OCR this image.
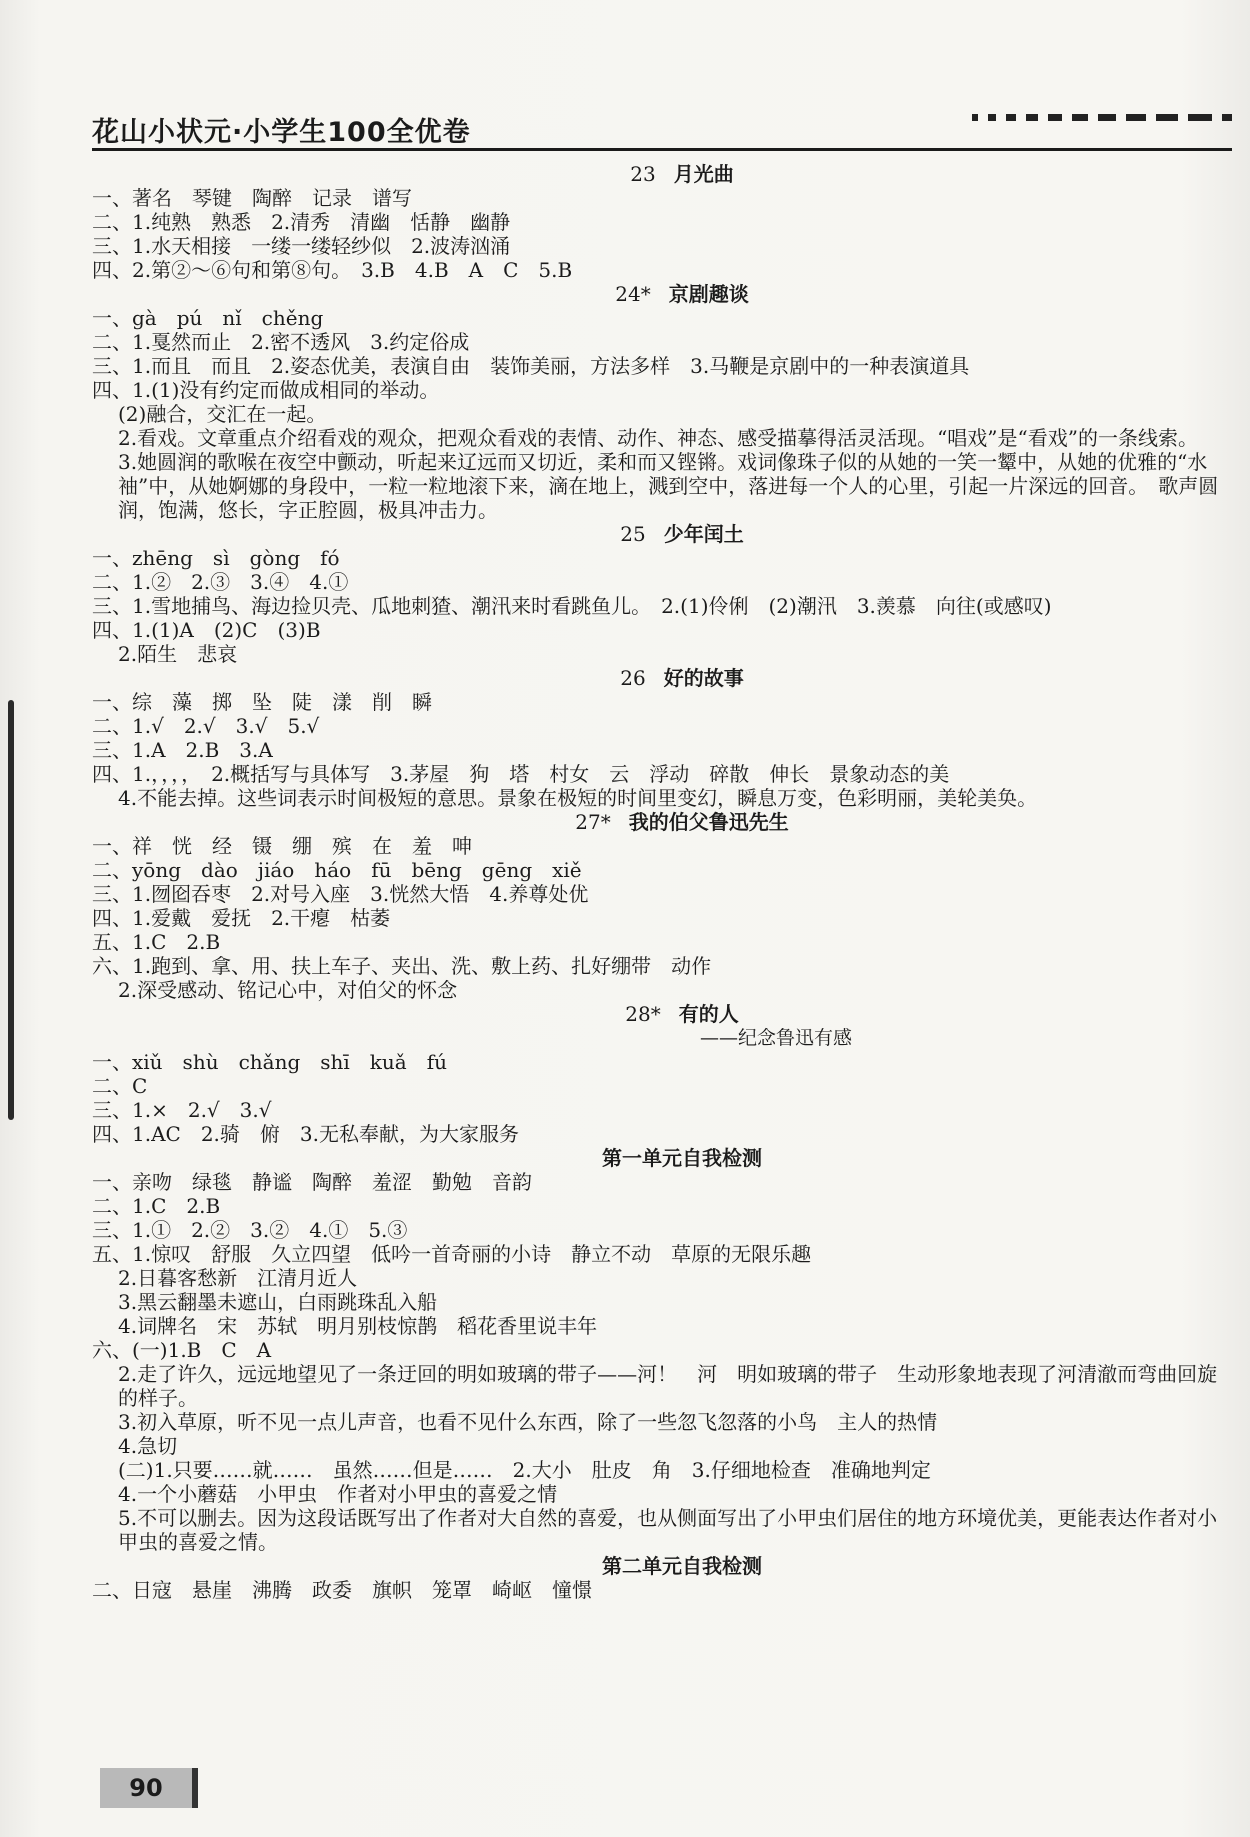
花山小状元·小学生100全优卷
23 月光曲
一、著名　琴键　陶醉　记录　谱写
二、1.纯熟　熟悉　2.清秀　清幽　恬静　幽静
三、1.水天相接　一缕一缕轻纱似　2.波涛汹涌
四、2.第②～⑥句和第⑧句。　3.B　4.B　A　C　5.B
24* 京剧趣谈
一、gà　pú　nǐ　chěng
二、1.戛然而止　2.密不透风　3.约定俗成
三、1.而且　而且　2.姿态优美，表演自由　装饰美丽，方法多样　3.马鞭是京剧中的一种表演道具
四、1.(1)没有约定而做成相同的举动。
(2)融合，交汇在一起。
2.看戏。文章重点介绍看戏的观众，把观众看戏的表情、动作、神态、感受描摹得活灵活现。“唱戏”是“看戏”的一条线索。
3.她圆润的歌喉在夜空中颤动，听起来辽远而又切近，柔和而又铿锵。戏词像珠子似的从她的一笑一颦中，从她的优雅的“水袖”中，从她婀娜的身段中，一粒一粒地滚下来，滴在地上，溅到空中，落进每一个人的心里，引起一片深远的回音。　歌声圆润，饱满，悠长，字正腔圆，极具冲击力。
25 少年闰土
一、zhēng　sì　gòng　fó
二、1.②　2.③　3.④　4.①
三、1.雪地捕鸟、海边捡贝壳、瓜地刺猹、潮汛来时看跳鱼儿。　2.(1)伶俐　(2)潮汛　3.羡慕　向往(或感叹)
四、1.(1)A　(2)C　(3)B
2.陌生　悲哀
26 好的故事
一、综　藻　掷　坠　陡　漾　削　瞬
二、1.√　2.√　3.√　5.√
三、1.A　2.B　3.A
四、1.，，，，　2.概括写与具体写　3.茅屋　狗　塔　村女　云　浮动　碎散　伸长　景象动态的美
4.不能去掉。这些词表示时间极短的意思。景象在极短的时间里变幻，瞬息万变，色彩明丽，美轮美奂。
27* 我的伯父鲁迅先生
一、祥　恍　经　镊　绷　殡　在　羞　呻
二、yōng　dào　jiáo　háo　fū　bēng　gēng　xiě
三、1.囫囵吞枣　2.对号入座　3.恍然大悟　4.养尊处优
四、1.爱戴　爱抚　2.干瘪　枯萎
五、1.C　2.B
六、1.跑到、拿、用、扶上车子、夹出、洗、敷上药、扎好绷带　动作
2.深受感动、铭记心中，对伯父的怀念
28* 有的人
——纪念鲁迅有感
一、xiǔ　shù　chǎng　shī　kuǎ　fú
二、C
三、1.×　2.√　3.√
四、1.AC　2.骑　俯　3.无私奉献，为大家服务
第一单元自我检测
一、亲吻　绿毯　静谧　陶醉　羞涩　勤勉　音韵
二、1.C　2.B
三、1.①　2.②　3.②　4.①　5.③
五、1.惊叹　舒服　久立四望　低吟一首奇丽的小诗　静立不动　草原的无限乐趣
2.日暮客愁新　江清月近人
3.黑云翻墨未遮山，白雨跳珠乱入船
4.词牌名　宋　苏轼　明月别枝惊鹊　稻花香里说丰年
六、(一)1.B　C　A
2.走了许久，远远地望见了一条迂回的明如玻璃的带子——河！　河　明如玻璃的带子　生动形象地表现了河清澈而弯曲回旋的样子。
3.初入草原，听不见一点儿声音，也看不见什么东西，除了一些忽飞忽落的小鸟　主人的热情
4.急切
(二)1.只要……就……　虽然……但是……　2.大小　肚皮　角　3.仔细地检查　准确地判定
4.一个小蘑菇　小甲虫　作者对小甲虫的喜爱之情
5.不可以删去。因为这段话既写出了作者对大自然的喜爱，也从侧面写出了小甲虫们居住的地方环境优美，更能表达作者对小甲虫的喜爱之情。
第二单元自我检测
二、日寇　悬崖　沸腾　政委　旗帜　笼罩　崎岖　憧憬
90
